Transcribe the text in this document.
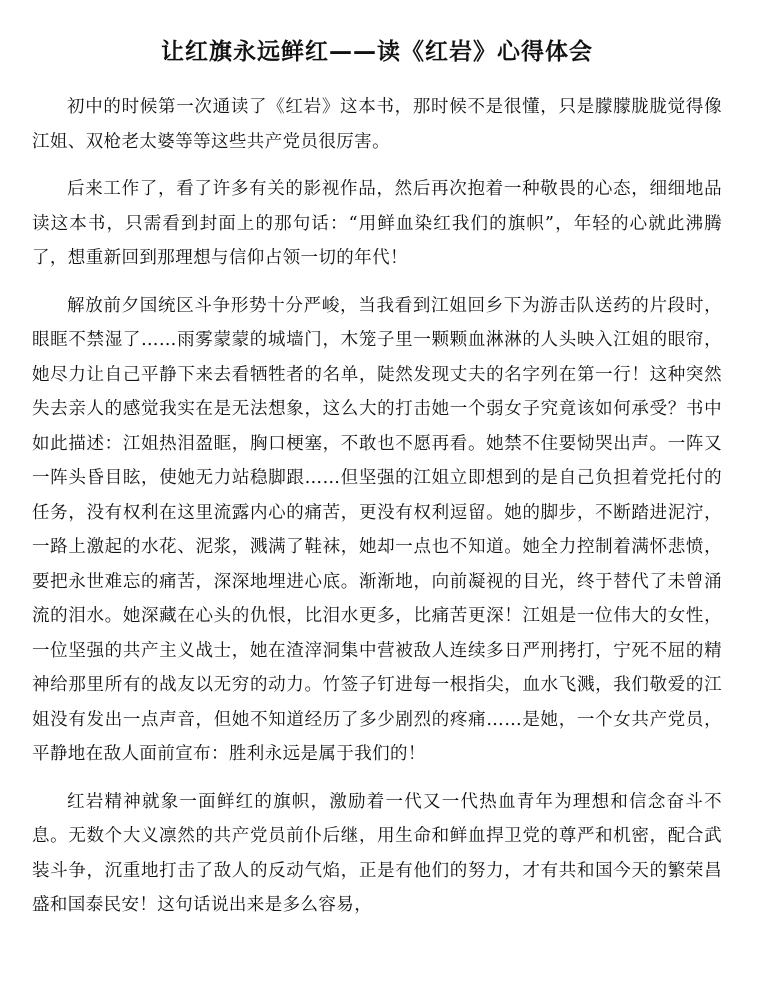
让红旗永远鲜红——读《红岩》心得体会

初中的时候第一次通读了《红岩》这本书，那时候不是很懂，只是朦朦胧胧觉得像江姐、双枪老太婆等等这些共产党员很厉害。

后来工作了，看了许多有关的影视作品，然后再次抱着一种敬畏的心态，细细地品读这本书，只需看到封面上的那句话：“用鲜血染红我们的旗帜”，年轻的心就此沸腾了，想重新回到那理想与信仰占领一切的年代！

解放前夕国统区斗争形势十分严峻，当我看到江姐回乡下为游击队送药的片段时，眼眶不禁湿了……雨雾蒙蒙的城墙门，木笼子里一颗颗血淋淋的人头映入江姐的眼帘，她尽力让自己平静下来去看牺牲者的名单，陡然发现丈夫的名字列在第一行！这种突然失去亲人的感觉我实在是无法想象，这么大的打击她一个弱女子究竟该如何承受？书中如此描述：江姐热泪盈眶，胸口梗塞，不敢也不愿再看。她禁不住要恸哭出声。一阵又一阵头昏目眩，使她无力站稳脚跟……但坚强的江姐立即想到的是自己负担着党托付的任务，没有权利在这里流露内心的痛苦，更没有权利逗留。她的脚步，不断踏进泥泞，一路上激起的水花、泥浆，溅满了鞋袜，她却一点也不知道。她全力控制着满怀悲愤，要把永世难忘的痛苦，深深地埋进心底。渐渐地，向前凝视的目光，终于替代了未曾涌流的泪水。她深藏在心头的仇恨，比泪水更多，比痛苦更深！江姐是一位伟大的女性，一位坚强的共产主义战士，她在渣滓洞集中营被敌人连续多日严刑拷打，宁死不屈的精神给那里所有的战友以无穷的动力。竹签子钉进每一根指尖，血水飞溅，我们敬爱的江姐没有发出一点声音，但她不知道经历了多少剧烈的疼痛……是她，一个女共产党员，平静地在敌人面前宣布：胜利永远是属于我们的！

红岩精神就象一面鲜红的旗帜，激励着一代又一代热血青年为理想和信念奋斗不息。无数个大义凛然的共产党员前仆后继，用生命和鲜血捍卫党的尊严和机密，配合武装斗争，沉重地打击了敌人的反动气焰，正是有他们的努力，才有共和国今天的繁荣昌盛和国泰民安！这句话说出来是多么容易，
